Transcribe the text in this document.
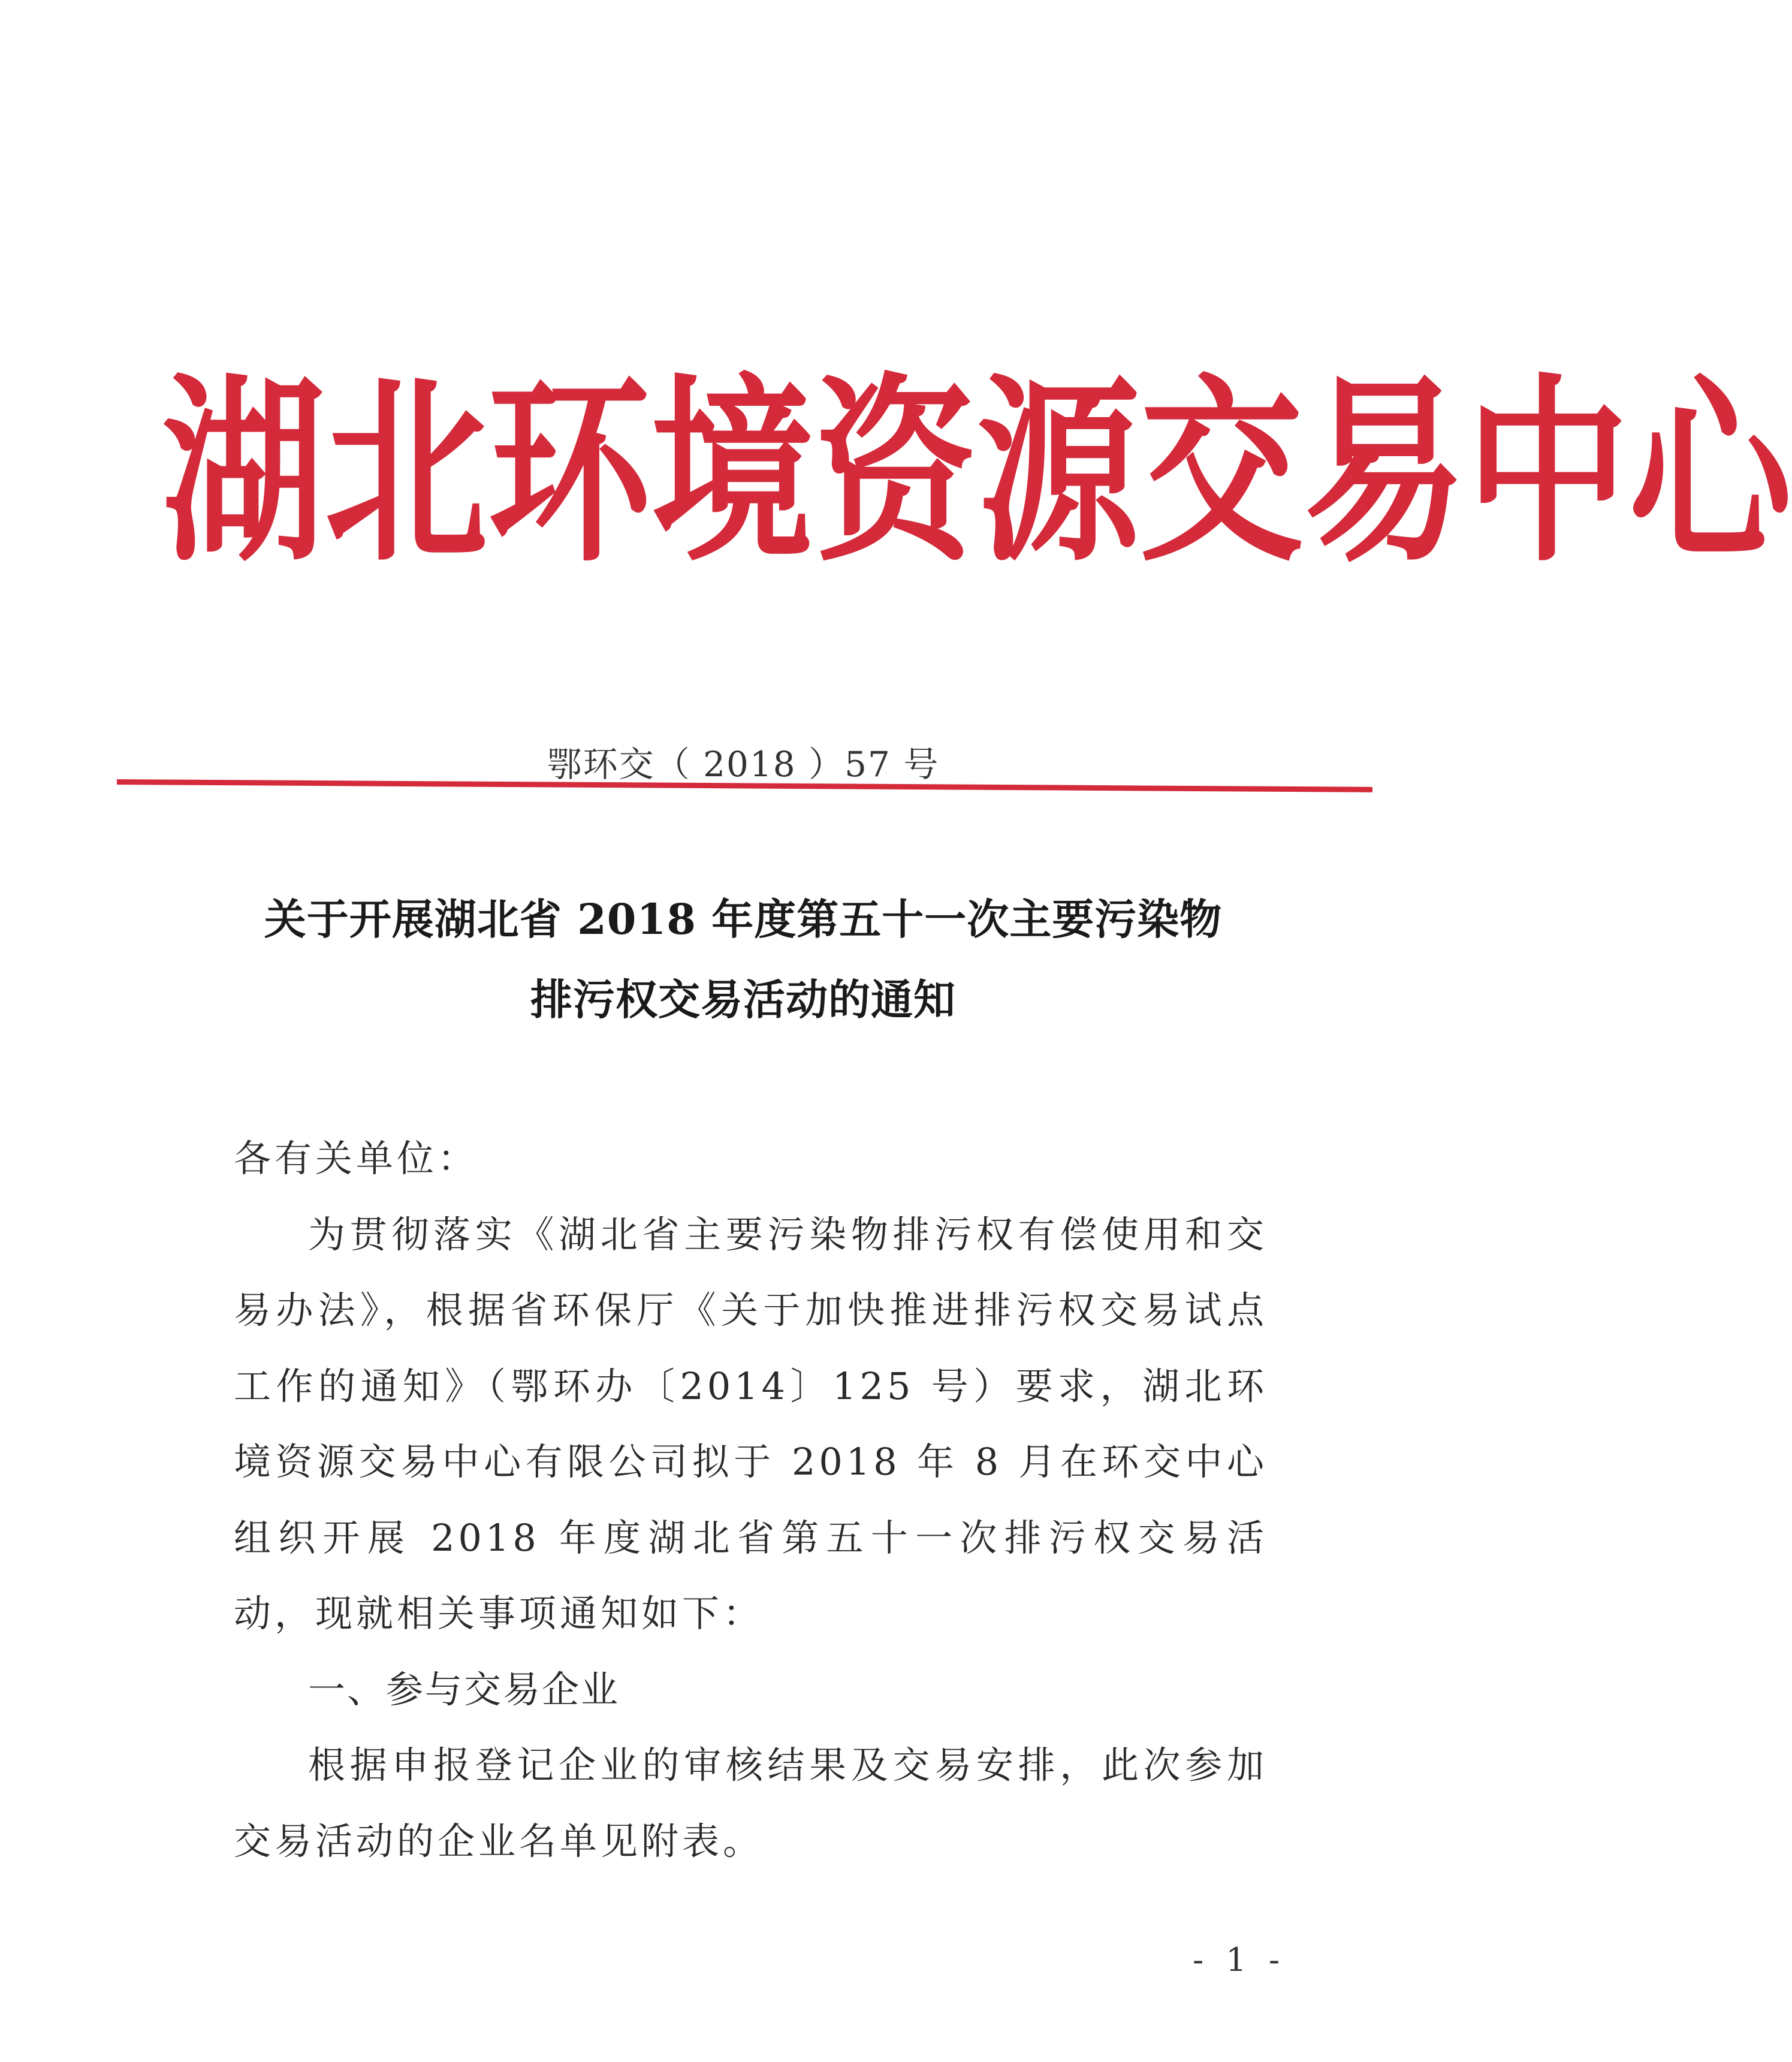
湖 北 环 境 资 源 交 易 中 心
鄂环交（ 2018 ）57 号
关于开展湖北省 2018 年度第五十一次主要污染物
排污权交易活动的通知

各有关单位：

为贯彻落实《湖北省主要污染物排污权有偿使用和交易办法》，根据省环保厅《关于加快推进排污权交易试点工作的通知》（鄂环办〔2014〕125 号）要求，湖北环境资源交易中心有限公司拟于 2018 年 8 月在环交中心组织开展 2018 年度湖北省第五十一次排污权交易活动，现就相关事项通知如下：

一、参与交易企业

根据申报登记企业的审核结果及交易安排，此次参加交易活动的企业名单见附表。

- 1 -
